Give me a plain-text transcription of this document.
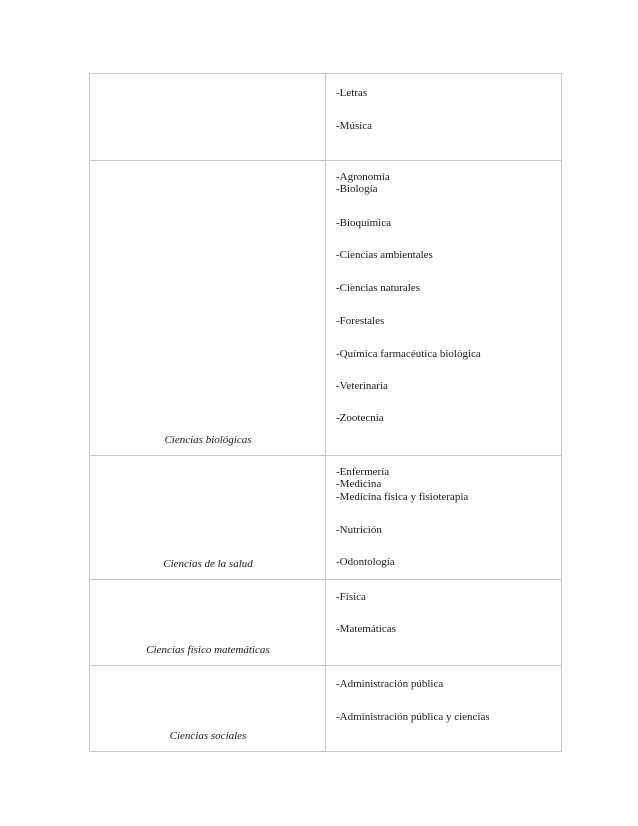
-Letras
-Música
Ciencias biológicas
-Agronomía
-Biología
-Bioquímica
-Ciencias ambientales
-Ciencias naturales
-Forestales
-Química farmacéutica biológica
-Veterinaria
-Zootecnia
Ciencias de la salud
-Enfermería
-Medicina
-Medicina física y fisioterapia
-Nutrición
-Odontología
Ciencias físico matemáticas
-Física
-Matemáticas
Ciencias sociales
-Administración pública
-Administración pública y ciencias
